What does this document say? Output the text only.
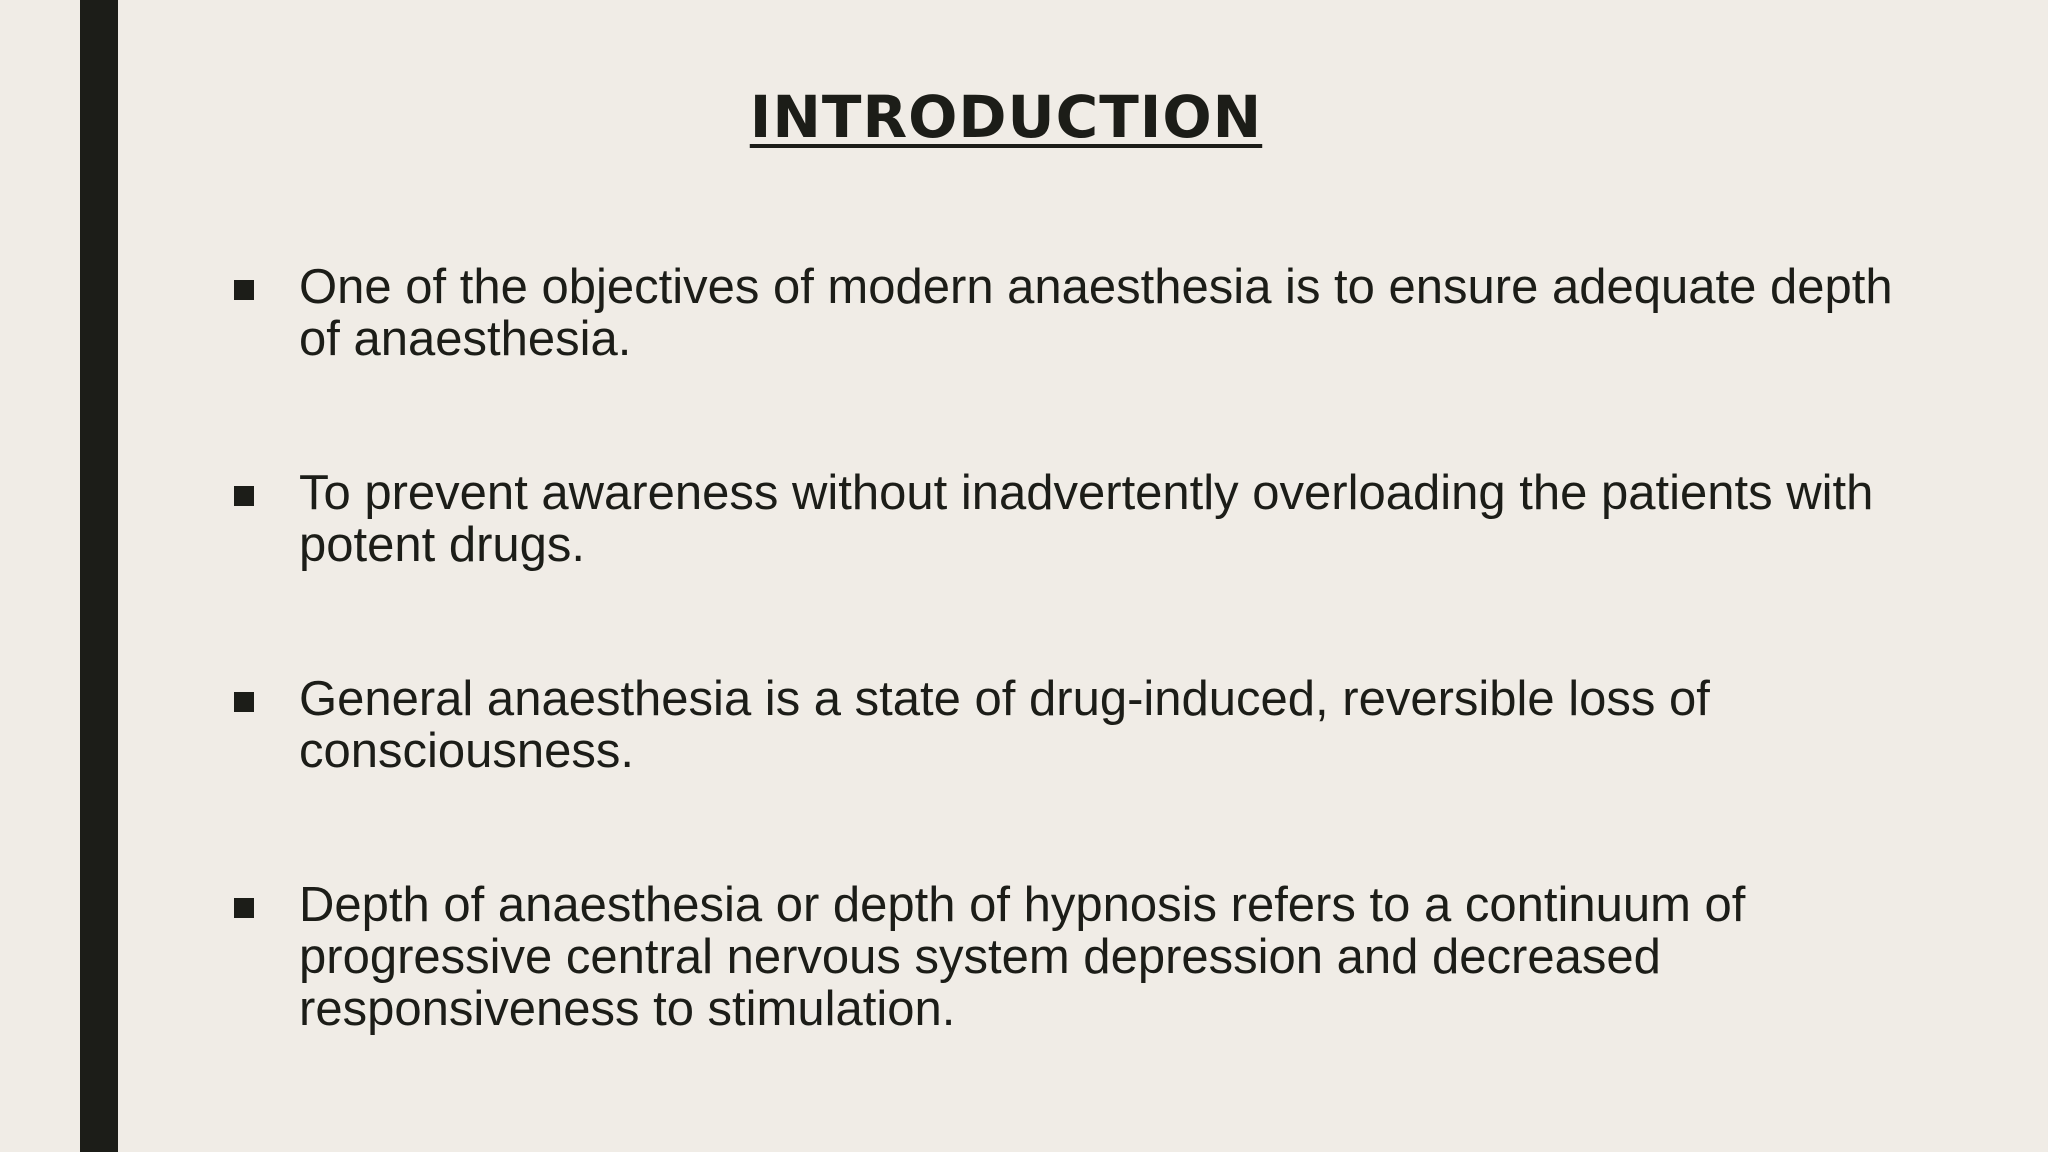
INTRODUCTION
One of the objectives of modern anaesthesia is to ensure adequate depth
of anaesthesia.
To prevent awareness without inadvertently overloading the patients with
potent drugs.
General anaesthesia is a state of drug-induced, reversible loss of
consciousness.
Depth of anaesthesia or depth of hypnosis refers to a continuum of
progressive central nervous system depression and decreased
responsiveness to stimulation.
